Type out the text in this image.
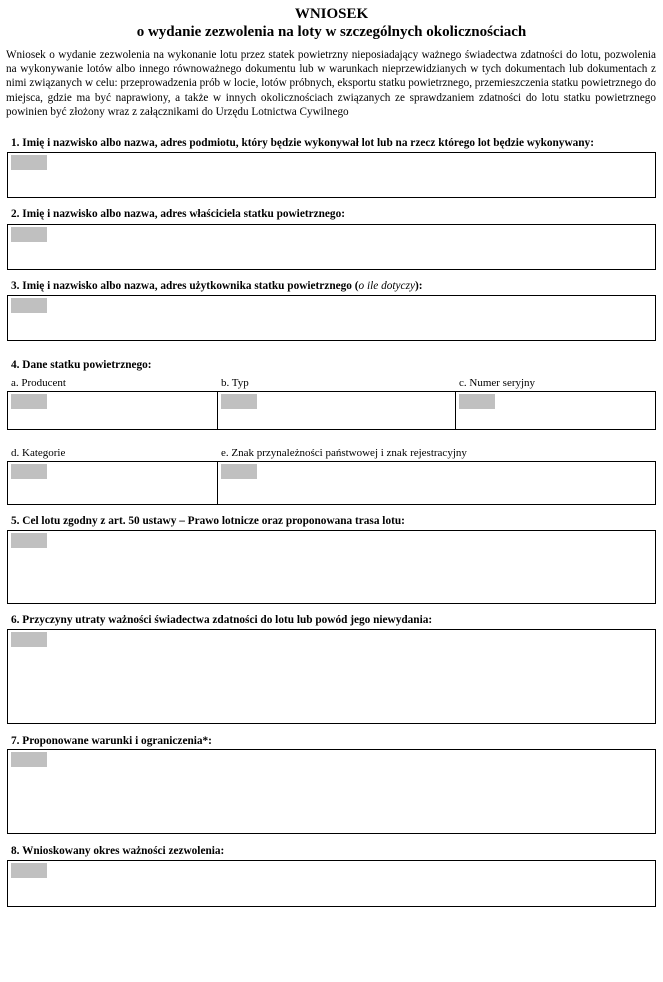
WNIOSEK
o wydanie zezwolenia na loty w szczególnych okolicznościach

Wniosek o wydanie zezwolenia na wykonanie lotu przez statek powietrzny nieposiadający ważnego świadectwa zdatności do lotu, pozwolenia na wykonywanie lotów albo innego równoważnego dokumentu lub w warunkach nieprzewidzianych w tych dokumentach lub dokumentach z nimi związanych w celu: przeprowadzenia prób w locie, lotów próbnych, eksportu statku powietrznego, przemieszczenia statku powietrznego do miejsca, gdzie ma być naprawiony, a także w innych okolicznościach związanych ze sprawdzaniem zdatności do lotu statku powietrznego powinien być złożony wraz z załącznikami do Urzędu Lotnictwa Cywilnego

1. Imię i nazwisko albo nazwa, adres podmiotu, który będzie wykonywał lot lub na rzecz którego lot będzie wykonywany:
2. Imię i nazwisko albo nazwa, adres właściciela statku powietrznego:
3. Imię i nazwisko albo nazwa, adres użytkownika statku powietrznego (o ile dotyczy):
4. Dane statku powietrznego:
a. Producent	b. Typ	c. Numer seryjny
d. Kategorie	e. Znak przynależności państwowej i znak rejestracyjny
5. Cel lotu zgodny z art. 50 ustawy – Prawo lotnicze oraz proponowana trasa lotu:
6. Przyczyny utraty ważności świadectwa zdatności do lotu lub powód jego niewydania:
7. Proponowane warunki i ograniczenia*:
8. Wnioskowany okres ważności zezwolenia:
